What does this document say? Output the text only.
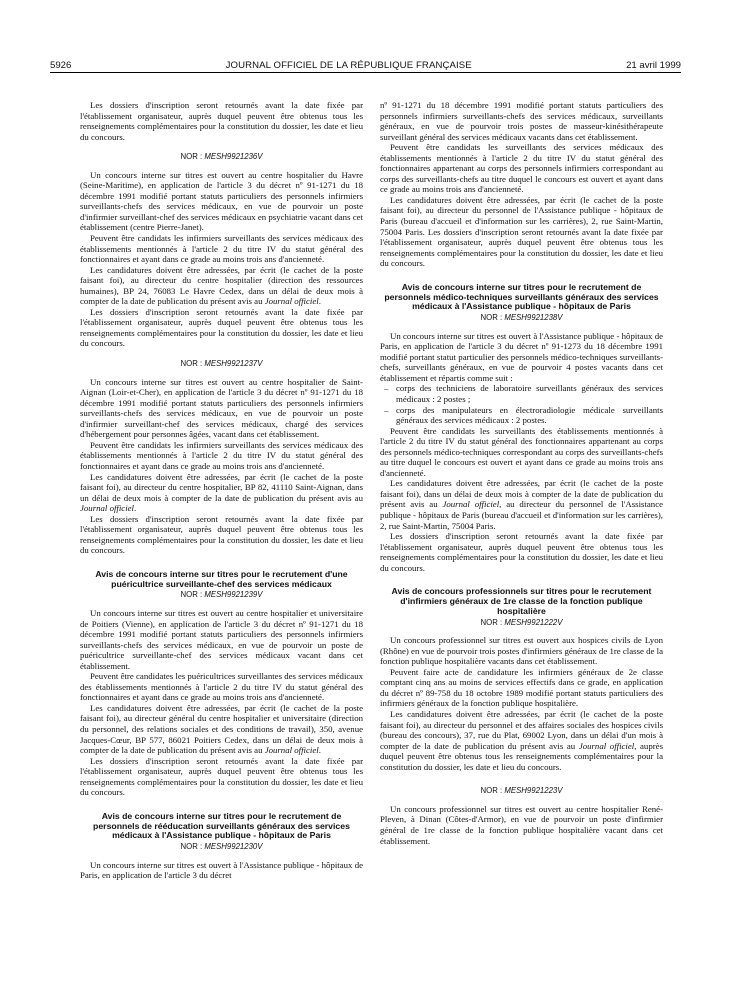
5926	JOURNAL OFFICIEL DE LA RÉPUBLIQUE FRANÇAISE	21 avril 1999

Les dossiers d'inscription seront retournés avant la date fixée par l'établissement organisateur, auprès duquel peuvent être obtenus tous les renseignements complémentaires pour la constitution du dossier, les date et lieu du concours.

NOR : MESH9921236V

Un concours interne sur titres est ouvert au centre hospitalier du Havre (Seine-Maritime), en application de l'article 3 du décret nº 91-1271 du 18 décembre 1991 modifié portant statuts particuliers des personnels infirmiers surveillants-chefs des services médicaux, en vue de pourvoir un poste d'infirmier surveillant-chef des services médicaux en psychiatrie vacant dans cet établissement (centre Pierre-Janet).

Peuvent être candidats les infirmiers surveillants des services médicaux des établissements mentionnés à l'article 2 du titre IV du statut général des fonctionnaires et ayant dans ce grade au moins trois ans d'ancienneté.

Les candidatures doivent être adressées, par écrit (le cachet de la poste faisant foi), au directeur du centre hospitalier (direction des ressources humaines), BP 24, 76083 Le Havre Cedex, dans un délai de deux mois à compter de la date de publication du présent avis au Journal officiel.

Les dossiers d'inscription seront retournés avant la date fixée par l'établissement organisateur, auprès duquel peuvent être obtenus tous les renseignements complémentaires pour la constitution du dossier, les date et lieu du concours.

NOR : MESH9921237V

Un concours interne sur titres est ouvert au centre hospitalier de Saint-Aignan (Loir-et-Cher), en application de l'article 3 du décret nº 91-1271 du 18 décembre 1991 modifié portant statuts particuliers des personnels infirmiers surveillants-chefs des services médicaux, en vue de pourvoir un poste d'infirmier surveillant-chef des services médicaux, chargé des services d'hébergement pour personnes âgées, vacant dans cet établissement.

Peuvent être candidats les infirmiers surveillants des services médicaux des établissements mentionnés à l'article 2 du titre IV du statut général des fonctionnaires et ayant dans ce grade au moins trois ans d'ancienneté.

Les candidatures doivent être adressées, par écrit (le cachet de la poste faisant foi), au directeur du centre hospitalier, BP 82, 41110 Saint-Aignan, dans un délai de deux mois à compter de la date de publication du présent avis au Journal officiel.

Les dossiers d'inscription seront retournés avant la date fixée par l'établissement organisateur, auprès duquel peuvent être obtenus tous les renseignements complémentaires pour la constitution du dossier, les date et lieu du concours.

Avis de concours interne sur titres pour le recrutement d'une puéricultrice surveillante-chef des services médicaux
NOR : MESH9921239V

Un concours interne sur titres est ouvert au centre hospitalier et universitaire de Poitiers (Vienne), en application de l'article 3 du décret nº 91-1271 du 18 décembre 1991 modifié portant statuts particuliers des personnels infirmiers surveillants-chefs des services médicaux, en vue de pourvoir un poste de puéricultrice surveillante-chef des services médicaux vacant dans cet établissement.

Peuvent être candidates les puéricultrices surveillantes des services médicaux des établissements mentionnés à l'article 2 du titre IV du statut général des fonctionnaires et ayant dans ce grade au moins trois ans d'ancienneté.

Les candidatures doivent être adressées, par écrit (le cachet de la poste faisant foi), au directeur général du centre hospitalier et universitaire (direction du personnel, des relations sociales et des conditions de travail), 350, avenue Jacques-Cœur, BP 577, 86021 Poitiers Cedex, dans un délai de deux mois à compter de la date de publication du présent avis au Journal officiel.

Les dossiers d'inscription seront retournés avant la date fixée par l'établissement organisateur, auprès duquel peuvent être obtenus tous les renseignements complémentaires pour la constitution du dossier, les date et lieu du concours.

Avis de concours interne sur titres pour le recrutement de personnels de rééducation surveillants généraux des services médicaux à l'Assistance publique - hôpitaux de Paris
NOR : MESH9921230V

Un concours interne sur titres est ouvert à l'Assistance publique - hôpitaux de Paris, en application de l'article 3 du décret

nº 91-1271 du 18 décembre 1991 modifié portant statuts particuliers des personnels infirmiers surveillants-chefs des services médicaux, surveillants généraux, en vue de pourvoir trois postes de masseur-kinésithérapeute surveillant général des services médicaux vacants dans cet établissement.

Peuvent être candidats les surveillants des services médicaux des établissements mentionnés à l'article 2 du titre IV du statut général des fonctionnaires appartenant au corps des personnels infirmiers correspondant au corps des surveillants-chefs au titre duquel le concours est ouvert et ayant dans ce grade au moins trois ans d'ancienneté.

Les candidatures doivent être adressées, par écrit (le cachet de la poste faisant foi), au directeur du personnel de l'Assistance publique - hôpitaux de Paris (bureau d'accueil et d'information sur les carrières), 2, rue Saint-Martin, 75004 Paris. Les dossiers d'inscription seront retournés avant la date fixée par l'établissement organisateur, auprès duquel peuvent être obtenus tous les renseignements complémentaires pour la constitution du dossier, les date et lieu du concours.

Avis de concours interne sur titres pour le recrutement de personnels médico-techniques surveillants généraux des services médicaux à l'Assistance publique - hôpitaux de Paris
NOR : MESH9921238V

Un concours interne sur titres est ouvert à l'Assistance publique - hôpitaux de Paris, en application de l'article 3 du décret nº 91-1273 du 18 décembre 1991 modifié portant statut particulier des personnels médico-techniques surveillants-chefs, surveillants généraux, en vue de pourvoir 4 postes vacants dans cet établissement et répartis comme suit :

– corps des techniciens de laboratoire surveillants généraux des services médicaux : 2 postes ;

– corps des manipulateurs en électroradiologie médicale surveillants généraux des services médicaux : 2 postes.

Peuvent être candidats les surveillants des établissements mentionnés à l'article 2 du titre IV du statut général des fonctionnaires appartenant au corps des personnels médico-techniques correspondant au corps des surveillants-chefs au titre duquel le concours est ouvert et ayant dans ce grade au moins trois ans d'ancienneté.

Les candidatures doivent être adressées, par écrit (le cachet de la poste faisant foi), dans un délai de deux mois à compter de la date de publication du présent avis au Journal officiel, au directeur du personnel de l'Assistance publique - hôpitaux de Paris (bureau d'accueil et d'information sur les carrières), 2, rue Saint-Martin, 75004 Paris.

Les dossiers d'inscription seront retournés avant la date fixée par l'établissement organisateur, auprès duquel peuvent être obtenus tous les renseignements complémentaires pour la constitution du dossier, les date et lieu du concours.

Avis de concours professionnels sur titres pour le recrutement d'infirmiers généraux de 1re classe de la fonction publique hospitalière
NOR : MESH9921222V

Un concours professionnel sur titres est ouvert aux hospices civils de Lyon (Rhône) en vue de pourvoir trois postes d'infirmiers généraux de 1re classe de la fonction publique hospitalière vacants dans cet établissement.

Peuvent faire acte de candidature les infirmiers généraux de 2e classe comptant cinq ans au moins de services effectifs dans ce grade, en application du décret nº 89-758 du 18 octobre 1989 modifié portant statuts particuliers des infirmiers généraux de la fonction publique hospitalière.

Les candidatures doivent être adressées, par écrit (le cachet de la poste faisant foi), au directeur du personnel et des affaires sociales des hospices civils (bureau des concours), 37, rue du Plat, 69002 Lyon, dans un délai d'un mois à compter de la date de publication du présent avis au Journal officiel, auprès duquel peuvent être obtenus tous les renseignements complémentaires pour la constitution du dossier, les date et lieu du concours.

NOR : MESH9921223V

Un concours professionnel sur titres est ouvert au centre hospitalier René-Pleven, à Dinan (Côtes-d'Armor), en vue de pourvoir un poste d'infirmier général de 1re classe de la fonction publique hospitalière vacant dans cet établissement.
